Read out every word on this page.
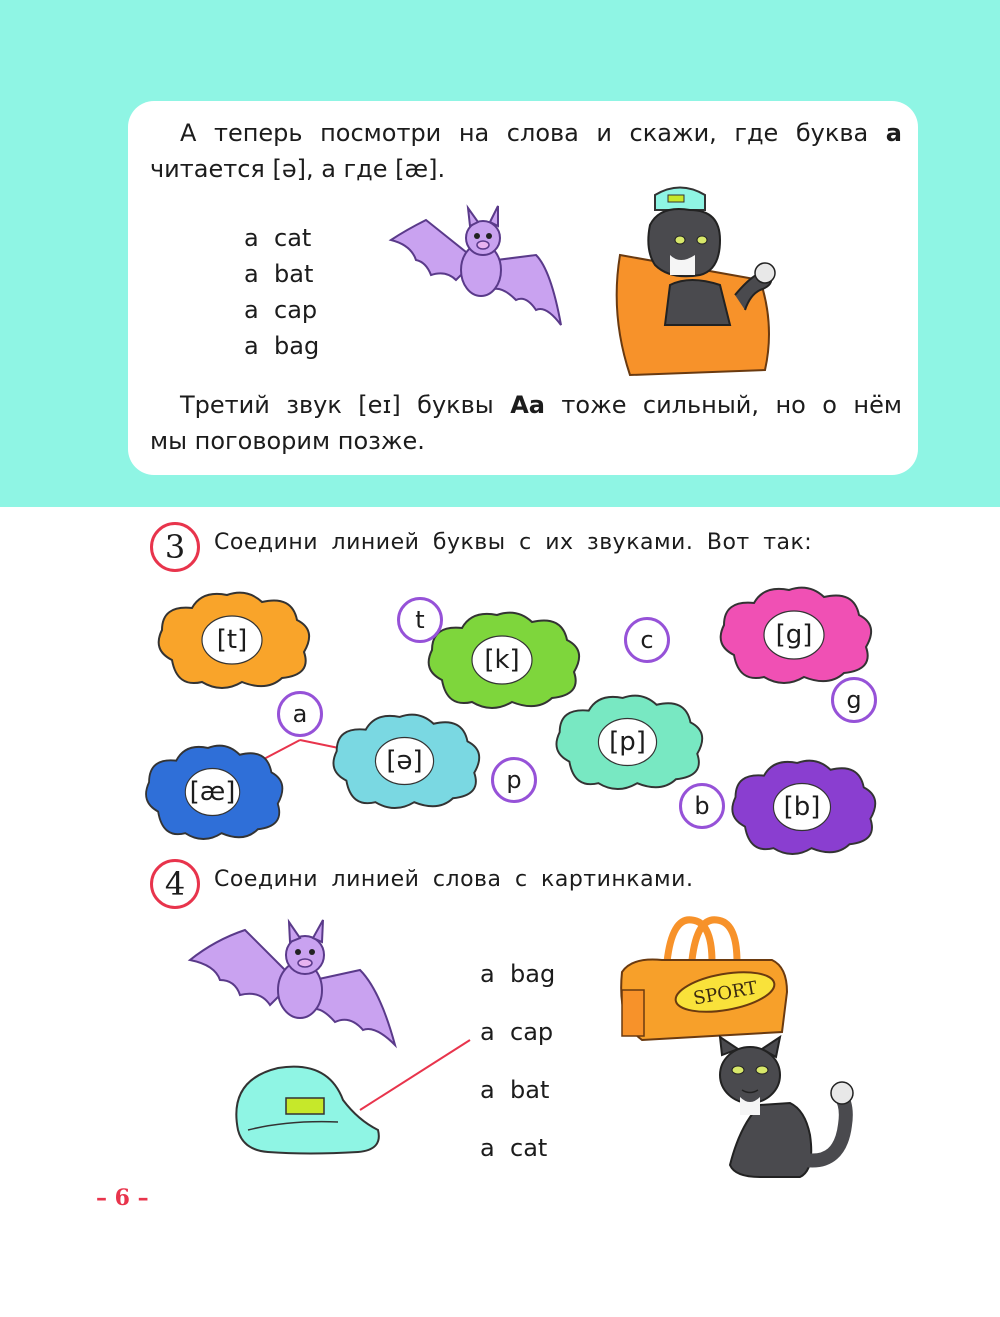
А теперь посмотри на слова и скажи, где буква a
читается [ə], а где [æ].
a cat
a bat
a cap
a bag
Третий звук [eɪ] буквы Aa тоже сильный, но о нём
мы поговорим позже.
3	Соедини линией буквы с их звуками. Вот так:
[t]
[k]
[g]
[ə]
[p]
[æ]	[b]
t
c
g
a
p
b
4	Соедини линией слова с картинками.
a bag
a cap
a bat
a cat
SPORT
– 6 –
